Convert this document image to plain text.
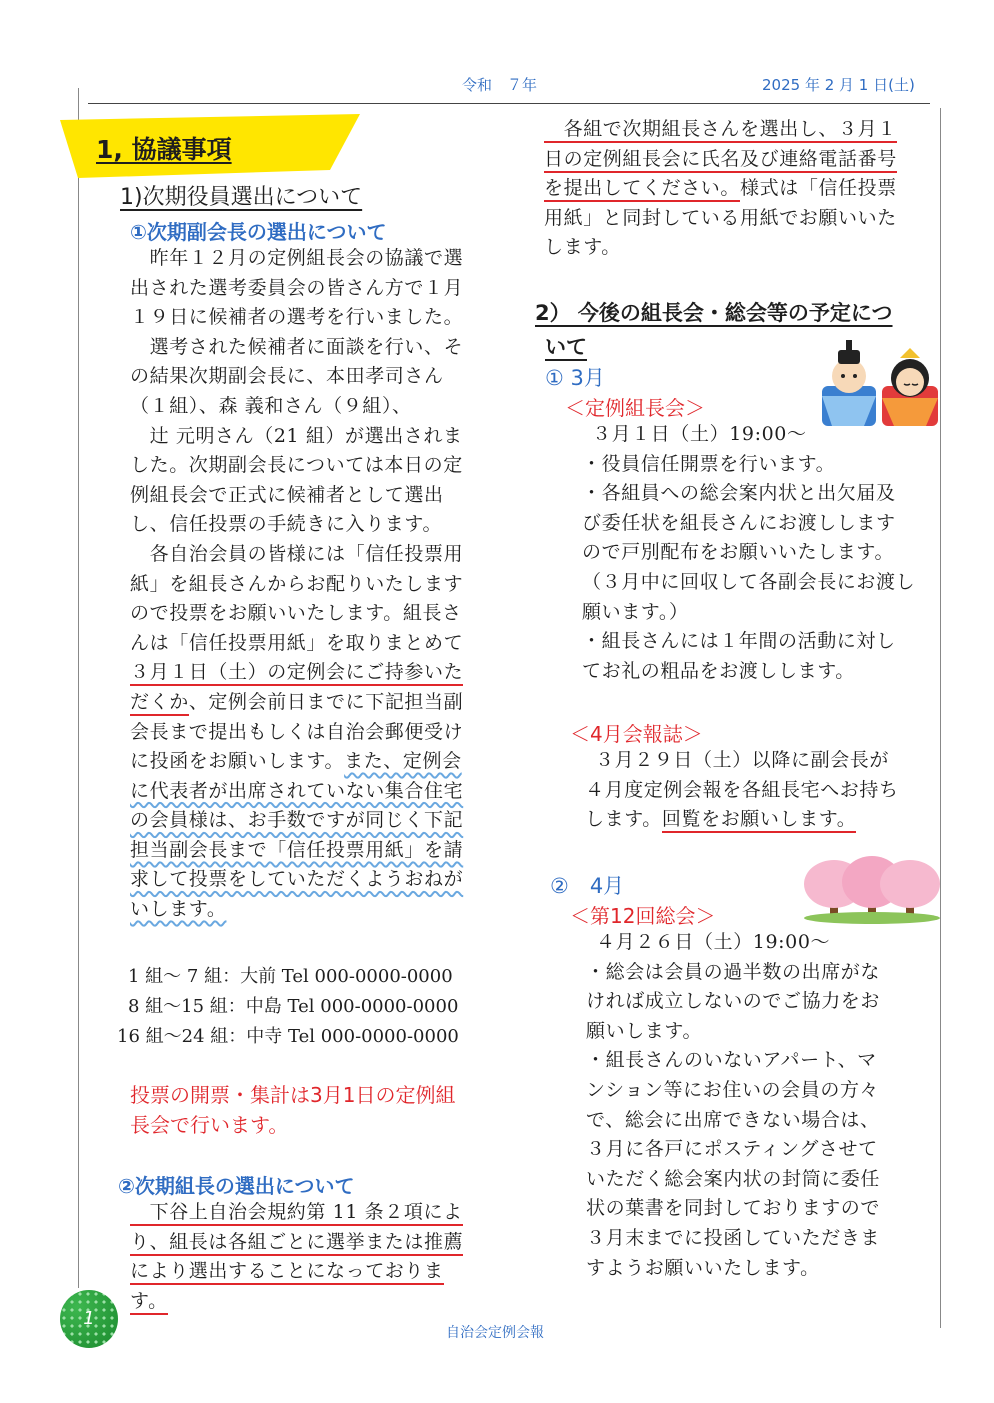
令和　７年	2025 年 2 月 1 日(土)
1, 協議事項
1)次期役員選出について
①次期副会長の選出について
　昨年１２月の定例組長会の協議で選
出された選考委員会の皆さん方で１月
１９日に候補者の選考を行いました。
　選考された候補者に面談を行い、そ
の結果次期副会長に、本田孝司さん
（１組）、森 義和さん（９組）、
　辻 元明さん（21 組）が選出されま
した。次期副会長については本日の定
例組長会で正式に候補者として選出
し、信任投票の手続きに入ります。
　各自治会員の皆様には「信任投票用
紙」を組長さんからお配りいたします
ので投票をお願いいたします。組長さ
んは「信任投票用紙」を取りまとめて
３月１日（土）の定例会にご持参いた
だくか、定例会前日までに下記担当副
会長まで提出もしくは自治会郵便受け
に投函をお願いします。また、定例会
に代表者が出席されていない集合住宅
の会員様は、お手数ですが同じく下記
担当副会長まで「信任投票用紙」を請
求して投票をしていただくようおねが
いします。
1 組～ 7 組：大前 Tel 000-0000-0000
8 組～15 組：中島 Tel 000-0000-0000
16 組～24 組：中寺 Tel 000-0000-0000
投票の開票・集計は3月1日の定例組
長会で行います。
②次期組長の選出について
　下谷上自治会規約第 11 条２項によ
り、組長は各組ごとに選挙または推薦
により選出することになっておりま
す。
　各組で次期組長さんを選出し、３月１
日の定例組長会に氏名及び連絡電話番号
を提出してください。様式は「信任投票
用紙」と同封している用紙でお願いいた
します。
2） 今後の組長会・総会等の予定につ
いて
① 3月
＜定例組長会＞
３月１日（土）19:00～
・役員信任開票を行います。
・各組員への総会案内状と出欠届及
び委任状を組長さんにお渡しします
ので戸別配布をお願いいたします。
（３月中に回収して各副会長にお渡し
願います。）
・組長さんには１年間の活動に対し
てお礼の粗品をお渡しします。
＜4月会報誌＞
３月２９日（土）以降に副会長が
４月度定例会報を各組長宅へお持ち
します。回覧をお願いします。
②　4月
＜第12回総会＞
４月２６日（土）19:00～
・総会は会員の過半数の出席がな
ければ成立しないのでご協力をお
願いします。
・組長さんのいないアパート、マ
ンション等にお住いの会員の方々
で、総会に出席できない場合は、
３月に各戸にポスティングさせて
いただく総会案内状の封筒に委任
状の葉書を同封しておりますので
３月末までに投函していただきま
すようお願いいたします。
1
自治会定例会報
